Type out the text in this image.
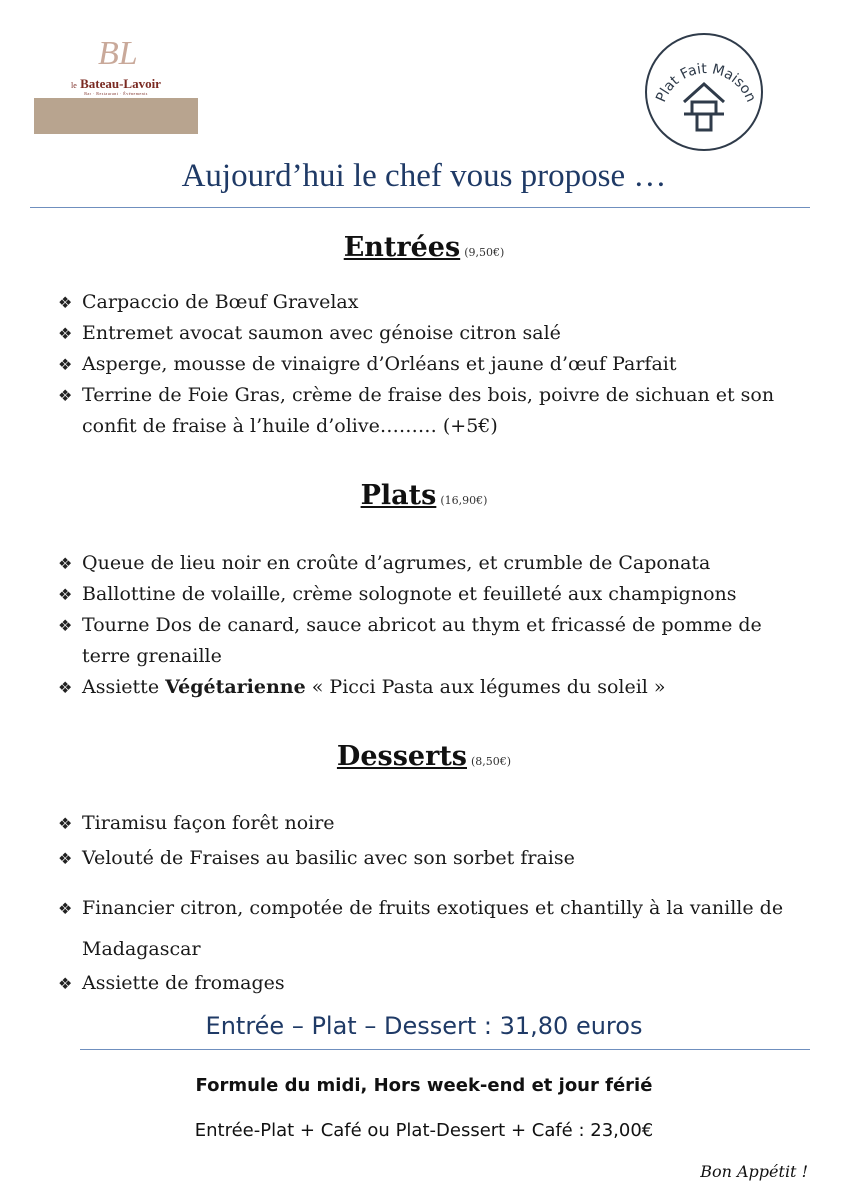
BL
le Bateau-Lavoir
Bar · Restaurant · Événements	Plat Fait Maison
Aujourd’hui le chef vous propose …
Entrées (9,50€)
❖ Carpaccio de Bœuf Gravelax
❖ Entremet avocat saumon avec génoise citron salé
❖ Asperge, mousse de vinaigre d’Orléans et jaune d’œuf Parfait
❖ Terrine de Foie Gras, crème de fraise des bois, poivre de sichuan et son
confit de fraise à l’huile d’olive……… (+5€)
Plats (16,90€)
❖ Queue de lieu noir en croûte d’agrumes, et crumble de Caponata
❖ Ballottine de volaille, crème solognote et feuilleté aux champignons
❖ Tourne Dos de canard, sauce abricot au thym et fricassé de pomme de
terre grenaille
❖ Assiette Végétarienne « Picci Pasta aux légumes du soleil »
Desserts (8,50€)
❖ Tiramisu façon forêt noire
❖ Velouté de Fraises au basilic avec son sorbet fraise
❖ Financier citron, compotée de fruits exotiques et chantilly à la vanille de
Madagascar
❖ Assiette de fromages
Entrée – Plat – Dessert : 31,80 euros
Formule du midi, Hors week-end et jour férié
Entrée-Plat + Café ou Plat-Dessert + Café : 23,00€
Bon Appétit !
